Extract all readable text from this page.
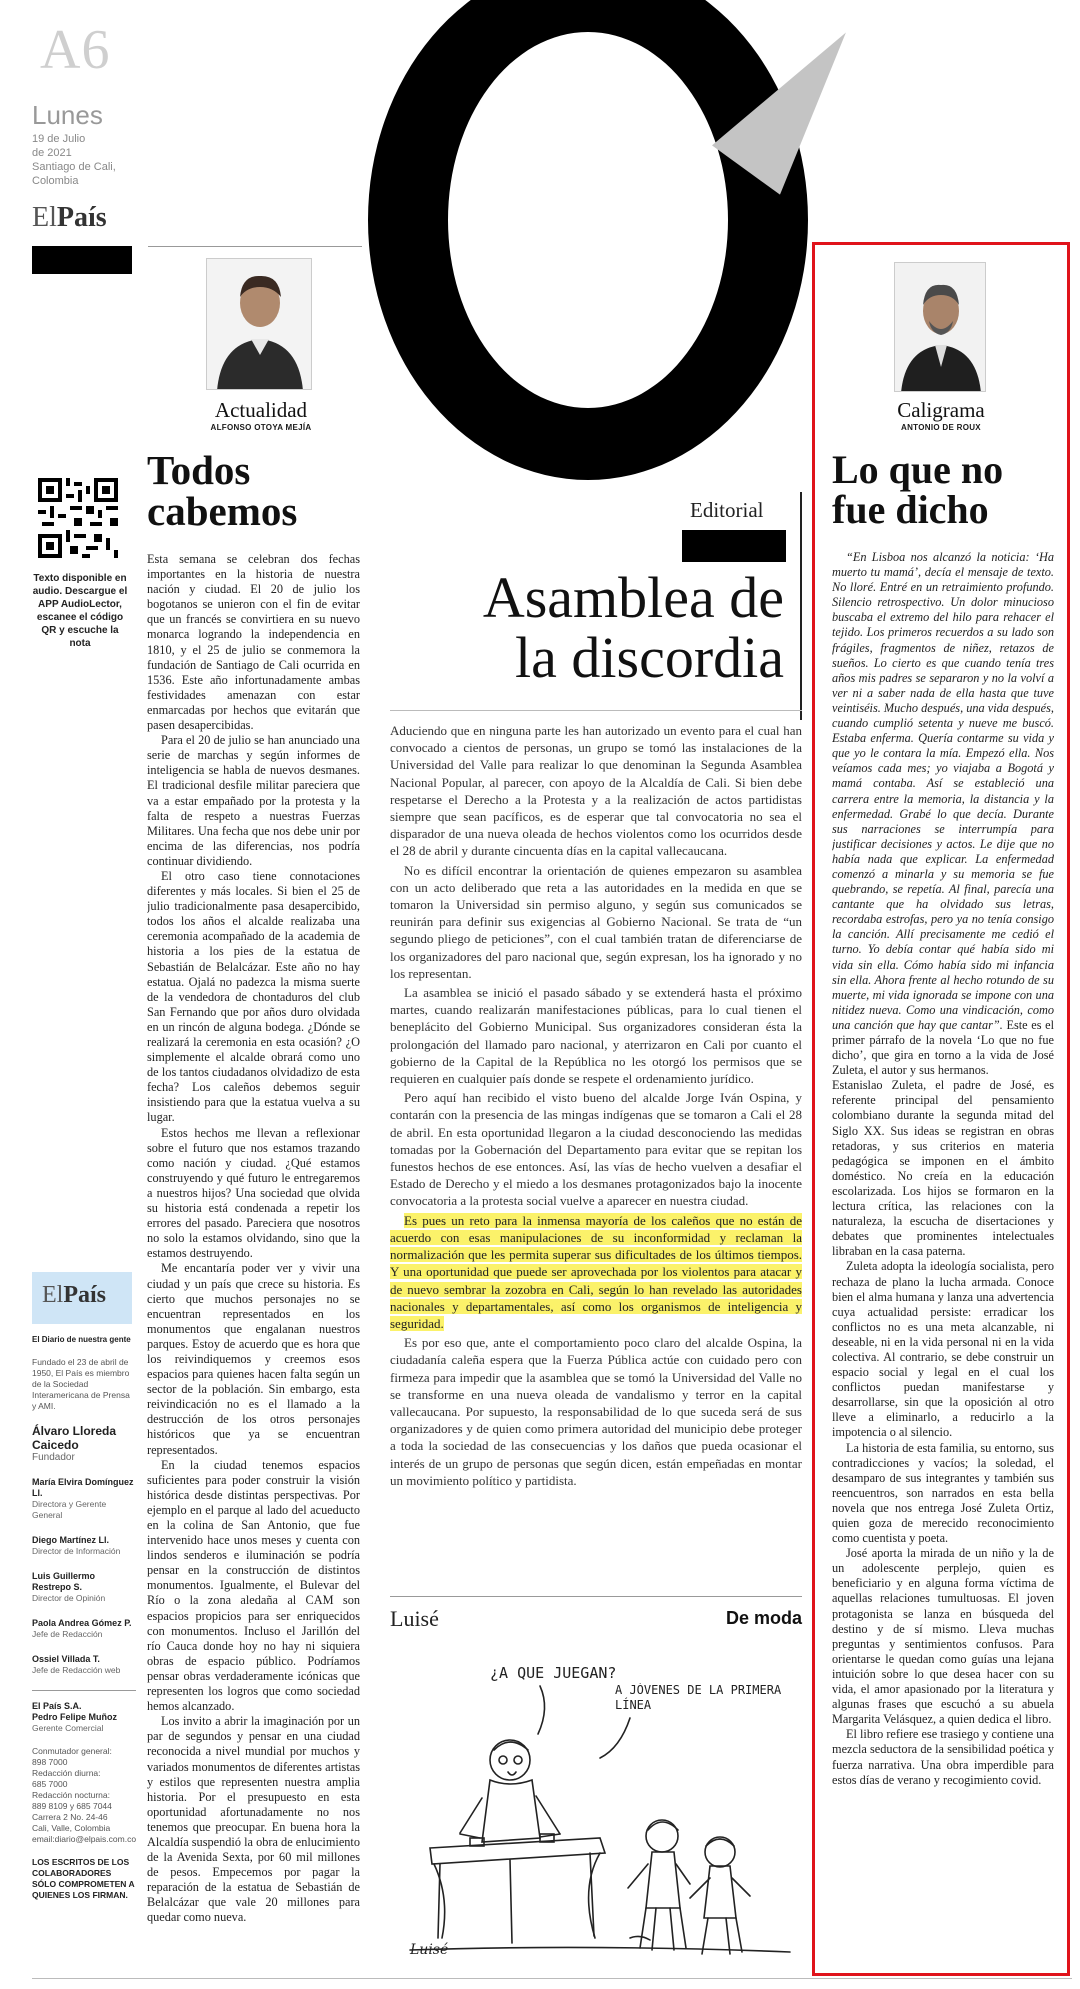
A6
Lunes
19 de Julio
de 2021
Santiago de Cali,
Colombia
ElPaís
Actualidad
ALFONSO OTOYA MEJÍA
Texto disponible en audio. Descargue el APP AudioLector, escanee el código QR y escuche la nota
ElPaís
El Diario de nuestra gente
Fundado el 23 de abril de 1950, El País es miembro de la Sociedad Interamericana de Prensa y AMI.
Álvaro Lloreda Caicedo
Fundador
María Elvira Domínguez Ll.
Directora y Gerente General
Diego Martínez Ll.
Director de Información
Luis Guillermo Restrepo S.
Director de Opinión
Paola Andrea Gómez P.
Jefe de Redacción
Ossiel Villada T.
Jefe de Redacción web
El País S.A.
Pedro Felipe Muñoz
Gerente Comercial
Conmutador general:
898 7000
Redacción diurna:
685 7000
Redacción nocturna:
889 8109 y 685 7044
Carrera 2 No. 24-46
Cali, Valle, Colombia
email:diario@elpais.com.co
LOS ESCRITOS DE LOS COLABORADORES SÓLO COMPROMETEN A QUIENES LOS FIRMAN.
Todos
cabemos

Esta semana se celebran dos fechas importantes en la historia de nuestra nación y ciudad. El 20 de julio los bogotanos se unieron con el fin de evitar que un francés se convirtiera en su nuevo monarca logrando la independencia en 1810, y el 25 de julio se conmemora la fundación de Santiago de Cali ocurrida en 1536. Este año infortunadamente ambas festividades amenazan con estar enmarcadas por hechos que evitarán que pasen desapercibidas.

Para el 20 de julio se han anunciado una serie de marchas y según informes de inteligencia se habla de nuevos desmanes. El tradicional desfile militar pareciera que va a estar empañado por la protesta y la falta de respeto a nuestras Fuerzas Militares. Una fecha que nos debe unir por encima de las diferencias, nos podría continuar dividiendo.

El otro caso tiene connotaciones diferentes y más locales. Si bien el 25 de julio tradicionalmente pasa desapercibido, todos los años el alcalde realizaba una ceremonia acompañado de la academia de historia a los pies de la estatua de Sebastián de Belalcázar. Este año no hay estatua. Ojalá no padezca la misma suerte de la vendedora de chontaduros del club San Fernando que por años duro olvidada en un rincón de alguna bodega. ¿Dónde se realizará la ceremonia en esta ocasión? ¿O simplemente el alcalde obrará como uno de los tantos ciudadanos olvidadizo de esta fecha? Los caleños debemos seguir insistiendo para que la estatua vuelva a su lugar.

Estos hechos me llevan a reflexionar sobre el futuro que nos estamos trazando como nación y ciudad. ¿Qué estamos construyendo y qué futuro le entregaremos a nuestros hijos? Una sociedad que olvida su historia está condenada a repetir los errores del pasado. Pareciera que nosotros no solo la estamos olvidando, sino que la estamos destruyendo.

Me encantaría poder ver y vivir una ciudad y un país que crece su historia. Es cierto que muchos personajes no se encuentran representados en los monumentos que engalanan nuestros parques. Estoy de acuerdo que es hora que los reivindiquemos y creemos esos espacios para quienes hacen falta según un sector de la población. Sin embargo, esta reivindicación no es el llamado a la destrucción de los otros personajes históricos que ya se encuentran representados.

En la ciudad tenemos espacios suficientes para poder construir la visión histórica desde distintas perspectivas. Por ejemplo en el parque al lado del acueducto en la colina de San Antonio, que fue intervenido hace unos meses y cuenta con lindos senderos e iluminación se podría pensar en la construcción de distintos monumentos. Igualmente, el Bulevar del Río o la zona aledaña al CAM son espacios propicios para ser enriquecidos con monumentos. Incluso el Jarillón del río Cauca donde hoy no hay ni siquiera obras de espacio público. Podríamos pensar obras verdaderamente icónicas que representen los logros que como sociedad hemos alcanzado.

Los invito a abrir la imaginación por un par de segundos y pensar en una ciudad reconocida a nivel mundial por muchos y variados monumentos de diferentes artistas y estilos que representen nuestra amplia historia. Por el presupuesto en esta oportunidad afortunadamente no nos tenemos que preocupar. En buena hora la Alcaldía suspendió la obra de enlucimiento de la Avenida Sexta, por 60 mil millones de pesos. Empecemos por pagar la reparación de la estatua de Sebastián de Belalcázar que vale 20 millones para quedar como nueva.

Editorial
Asamblea de
la discordia

Aduciendo que en ninguna parte les han autorizado un evento para el cual han convocado a cientos de personas, un grupo se tomó las instalaciones de la Universidad del Valle para realizar lo que denominan la Segunda Asamblea Nacional Popular, al parecer, con apoyo de la Alcaldía de Cali. Si bien debe respetarse el Derecho a la Protesta y a la realización de actos partidistas siempre que sean pacíficos, es de esperar que tal convocatoria no sea el disparador de una nueva oleada de hechos violentos como los ocurridos desde el 28 de abril y durante cincuenta días en la capital vallecaucana.

No es difícil encontrar la orientación de quienes empezaron su asamblea con un acto deliberado que reta a las autoridades en la medida en que se tomaron la Universidad sin permiso alguno, y según sus comunicados se reunirán para definir sus exigencias al Gobierno Nacional. Se trata de “un segundo pliego de peticiones”, con el cual también tratan de diferenciarse de los organizadores del paro nacional que, según expresan, los ha ignorado y no los representan.

La asamblea se inició el pasado sábado y se extenderá hasta el próximo martes, cuando realizarán manifestaciones públicas, para lo cual tienen el beneplácito del Gobierno Municipal. Sus organizadores consideran ésta la prolongación del llamado paro nacional, y aterrizaron en Cali por cuanto el gobierno de la Capital de la República no les otorgó los permisos que se requieren en cualquier país donde se respete el ordenamiento jurídico.

Pero aquí han recibido el visto bueno del alcalde Jorge Iván Ospina, y contarán con la presencia de las mingas indígenas que se tomaron a Cali el 28 de abril. En esta oportunidad llegaron a la ciudad desconociendo las medidas tomadas por la Gobernación del Departamento para evitar que se repitan los funestos hechos de ese entonces. Así, las vías de hecho vuelven a desafiar el Estado de Derecho y el miedo a los desmanes protagonizados bajo la inocente convocatoria a la protesta social vuelve a aparecer en nuestra ciudad.

Es pues un reto para la inmensa mayoría de los caleños que no están de acuerdo con esas manipulaciones de su inconformidad y reclaman la normalización que les permita superar sus dificultades de los últimos tiempos. Y una oportunidad que puede ser aprovechada por los violentos para atacar y de nuevo sembrar la zozobra en Cali, según lo han revelado las autoridades nacionales y departamentales, así como los organismos de inteligencia y seguridad.

Es por eso que, ante el comportamiento poco claro del alcalde Ospina, la ciudadanía caleña espera que la Fuerza Pública actúe con cuidado pero con firmeza para impedir que la asamblea que se tomó la Universidad del Valle no se transforme en una nueva oleada de vandalismo y terror en la capital vallecaucana. Por supuesto, la responsabilidad de lo que suceda será de sus organizadores y de quien como primera autoridad del municipio debe proteger a toda la sociedad de las consecuencias y los daños que pueda ocasionar el interés de un grupo de personas que según dicen, están empeñadas en montar un movimiento político y partidista.

Luisé	De moda
¿A QUE JUEGAN?
A JÓVENES DE LA PRIMERA LÍNEA
Luisé
Caligrama
ANTONIO DE ROUX
Lo que no
fue dicho

“En Lisboa nos alcanzó la noticia: ‘Ha muerto tu mamá’, decía el mensaje de texto. No lloré. Entré en un retraimiento profundo. Silencio retrospectivo. Un dolor minucioso buscaba el extremo del hilo para rehacer el tejido. Los primeros recuerdos a su lado son frágiles, fragmentos de niñez, retazos de sueños. Lo cierto es que cuando tenía tres años mis padres se separaron y no la volví a ver ni a saber nada de ella hasta que tuve veintiséis. Mucho después, una vida después, cuando cumplió setenta y nueve me buscó. Estaba enferma. Quería contarme su vida y que yo le contara la mía. Empezó ella. Nos veíamos cada mes; yo viajaba a Bogotá y mamá contaba. Así se estableció una carrera entre la memoria, la distancia y la enfermedad. Grabé lo que decía. Durante sus narraciones se interrumpía para justificar decisiones y actos. Le dije que no había nada que explicar. La enfermedad comenzó a minarla y su memoria se fue quebrando, se repetía. Al final, parecía una cantante que ha olvidado sus letras, recordaba estrofas, pero ya no tenía consigo la canción. Allí precisamente me cedió el turno. Yo debía contar qué había sido mi vida sin ella. Cómo había sido mi infancia sin ella. Ahora frente al hecho rotundo de su muerte, mi vida ignorada se impone con una nitidez nueva. Como una vindicación, como una canción que hay que cantar”. Este es el primer párrafo de la novela ‘Lo que no fue dicho’, que gira en torno a la vida de José Zuleta, el autor y sus hermanos.

Estanislao Zuleta, el padre de José, es referente principal del pensamiento colombiano durante la segunda mitad del Siglo XX. Sus ideas se registran en obras retadoras, y sus criterios en materia pedagógica se imponen en el ámbito doméstico. No creía en la educación escolarizada. Los hijos se formaron en la lectura crítica, las relaciones con la naturaleza, la escucha de disertaciones y debates que prominentes intelectuales libraban en la casa paterna.

Zuleta adopta la ideología socialista, pero rechaza de plano la lucha armada. Conoce bien el alma humana y lanza una advertencia cuya actualidad persiste: erradicar los conflictos no es una meta alcanzable, ni deseable, ni en la vida personal ni en la vida colectiva. Al contrario, se debe construir un espacio social y legal en el cual los conflictos puedan manifestarse y desarrollarse, sin que la oposición al otro lleve a eliminarlo, a reducirlo a la impotencia o al silencio.

La historia de esta familia, su entorno, sus contradicciones y vacíos; la soledad, el desamparo de sus integrantes y también sus reencuentros, son narrados en esta bella novela que nos entrega José Zuleta Ortiz, quien goza de merecido reconocimiento como cuentista y poeta.

José aporta la mirada de un niño y la de un adolescente perplejo, quien es beneficiario y en alguna forma víctima de aquellas relaciones tumultuosas. El joven protagonista se lanza en búsqueda del destino y de sí mismo. Lleva muchas preguntas y sentimientos confusos. Para orientarse le quedan como guías una lejana intuición sobre lo que desea hacer con su vida, el amor apasionado por la literatura y algunas frases que escuchó a su abuela Margarita Velásquez, a quien dedica el libro.

El libro refiere ese trasiego y contiene una mezcla seductora de la sensibilidad poética y fuerza narrativa. Una obra imperdible para estos días de verano y recogimiento covid.
